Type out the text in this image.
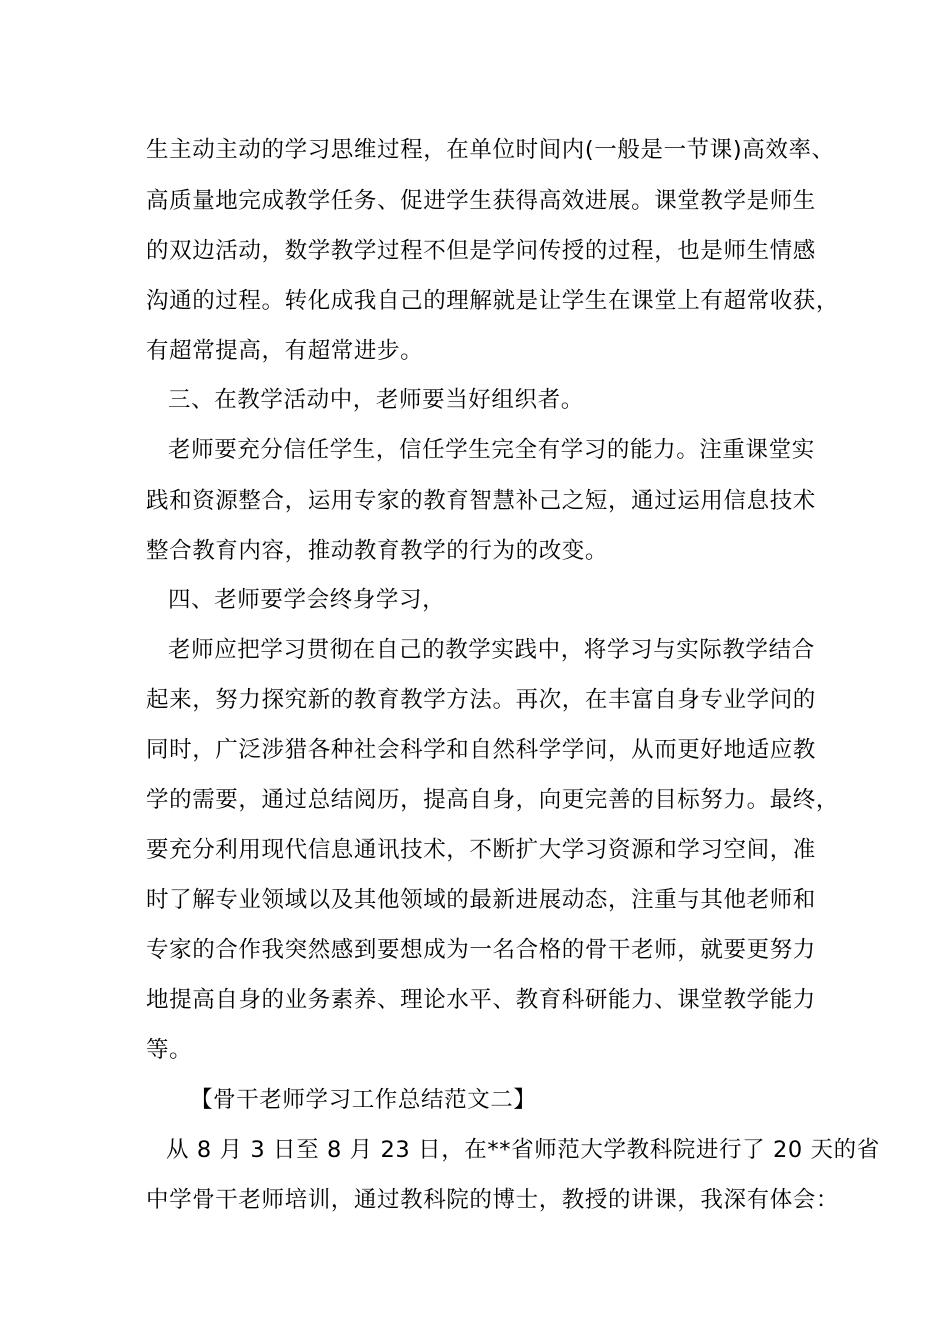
生主动主动的学习思维过程，在单位时间内(一般是一节课)高效率、
高质量地完成教学任务、促进学生获得高效进展。课堂教学是师生
的双边活动，数学教学过程不但是学问传授的过程，也是师生情感
沟通的过程。转化成我自己的理解就是让学生在课堂上有超常收获，
有超常提高，有超常进步。
三、在教学活动中，老师要当好组织者。
老师要充分信任学生，信任学生完全有学习的能力。注重课堂实
践和资源整合，运用专家的教育智慧补己之短，通过运用信息技术
整合教育内容，推动教育教学的行为的改变。
四、老师要学会终身学习，
老师应把学习贯彻在自己的教学实践中，将学习与实际教学结合
起来，努力探究新的教育教学方法。再次，在丰富自身专业学问的
同时，广泛涉猎各种社会科学和自然科学学问，从而更好地适应教
学的需要，通过总结阅历，提高自身，向更完善的目标努力。最终，
要充分利用现代信息通讯技术，不断扩大学习资源和学习空间，准
时了解专业领域以及其他领域的最新进展动态，注重与其他老师和
专家的合作我突然感到要想成为一名合格的骨干老师，就要更努力
地提高自身的业务素养、理论水平、教育科研能力、课堂教学能力
等。
【骨干老师学习工作总结范文二】
从 8 月 3 日至 8 月 23 日，在**省师范大学教科院进行了 20 天的省
中学骨干老师培训，通过教科院的博士，教授的讲课，我深有体会：
